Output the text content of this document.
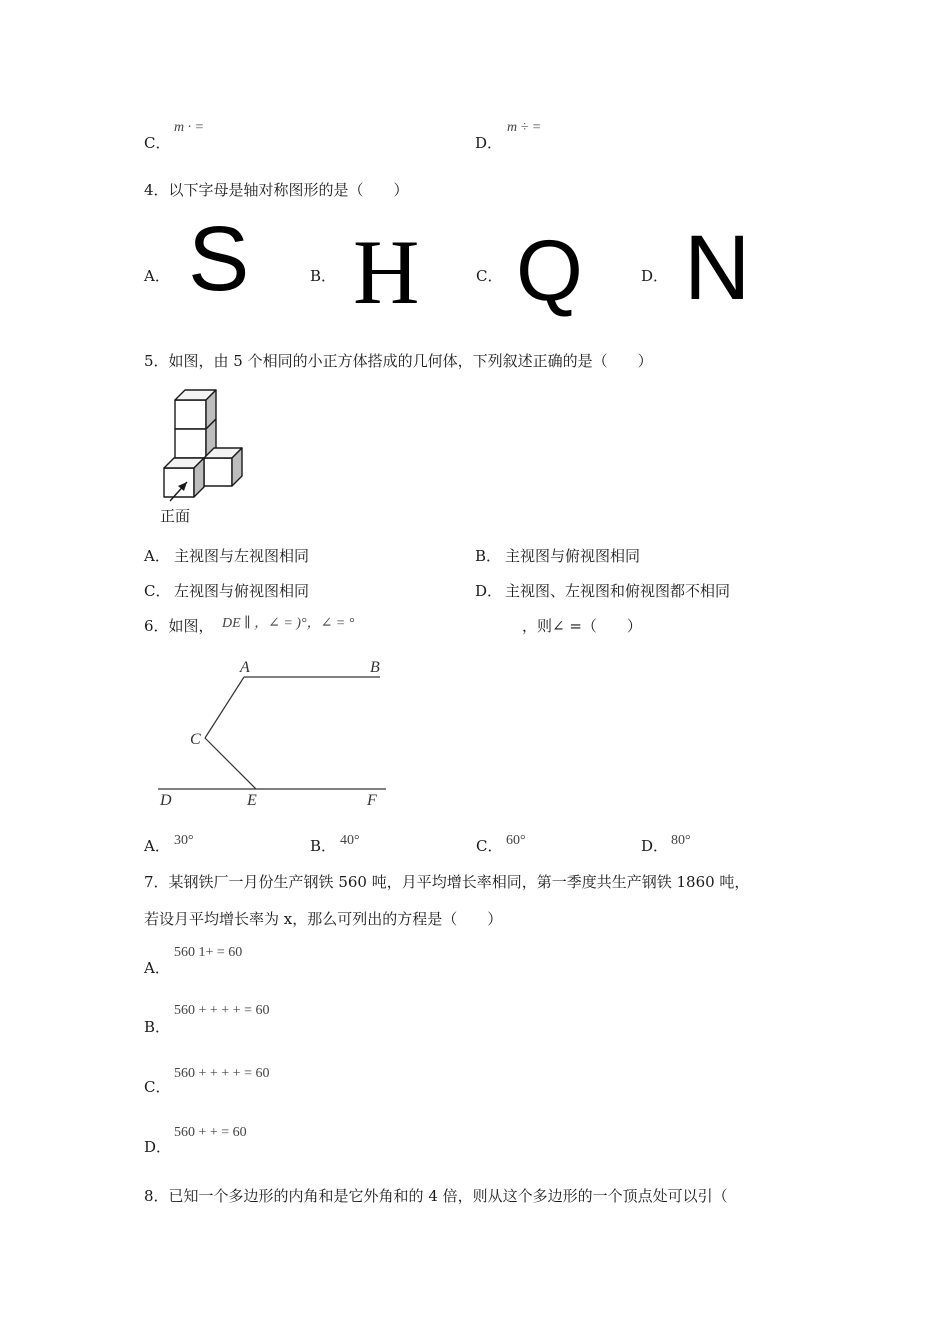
C．
m · =
D．
m ÷ =
4．以下字母是轴对称图形的是（　　）
A． S	B． H	C． Q	D． N
5．如图，由 5 个相同的小正方体搭成的几何体，下列叙述正确的是（　　）
正面
A． 主视图与左视图相同	B． 主视图与俯视图相同
C． 左视图与俯视图相同	D． 主视图、左视图和俯视图都不相同
6．如图， DE ∥ ，∠ = )°，∠ = °	，则∠ =（　　）
A	B
C
D	E	F
A． 30°	B． 40°	C． 60°	D． 80°
7．某钢铁厂一月份生产钢铁 560 吨，月平均增长率相同，第一季度共生产钢铁 1860 吨，
若设月平均增长率为 x，那么可列出的方程是（　　）
A．
560 1+ = 60
B．
560 + + + + = 60
C．
560 + + + + = 60
D．
560 + + = 60
8．已知一个多边形的内角和是它外角和的 4 倍，则从这个多边形的一个顶点处可以引（
